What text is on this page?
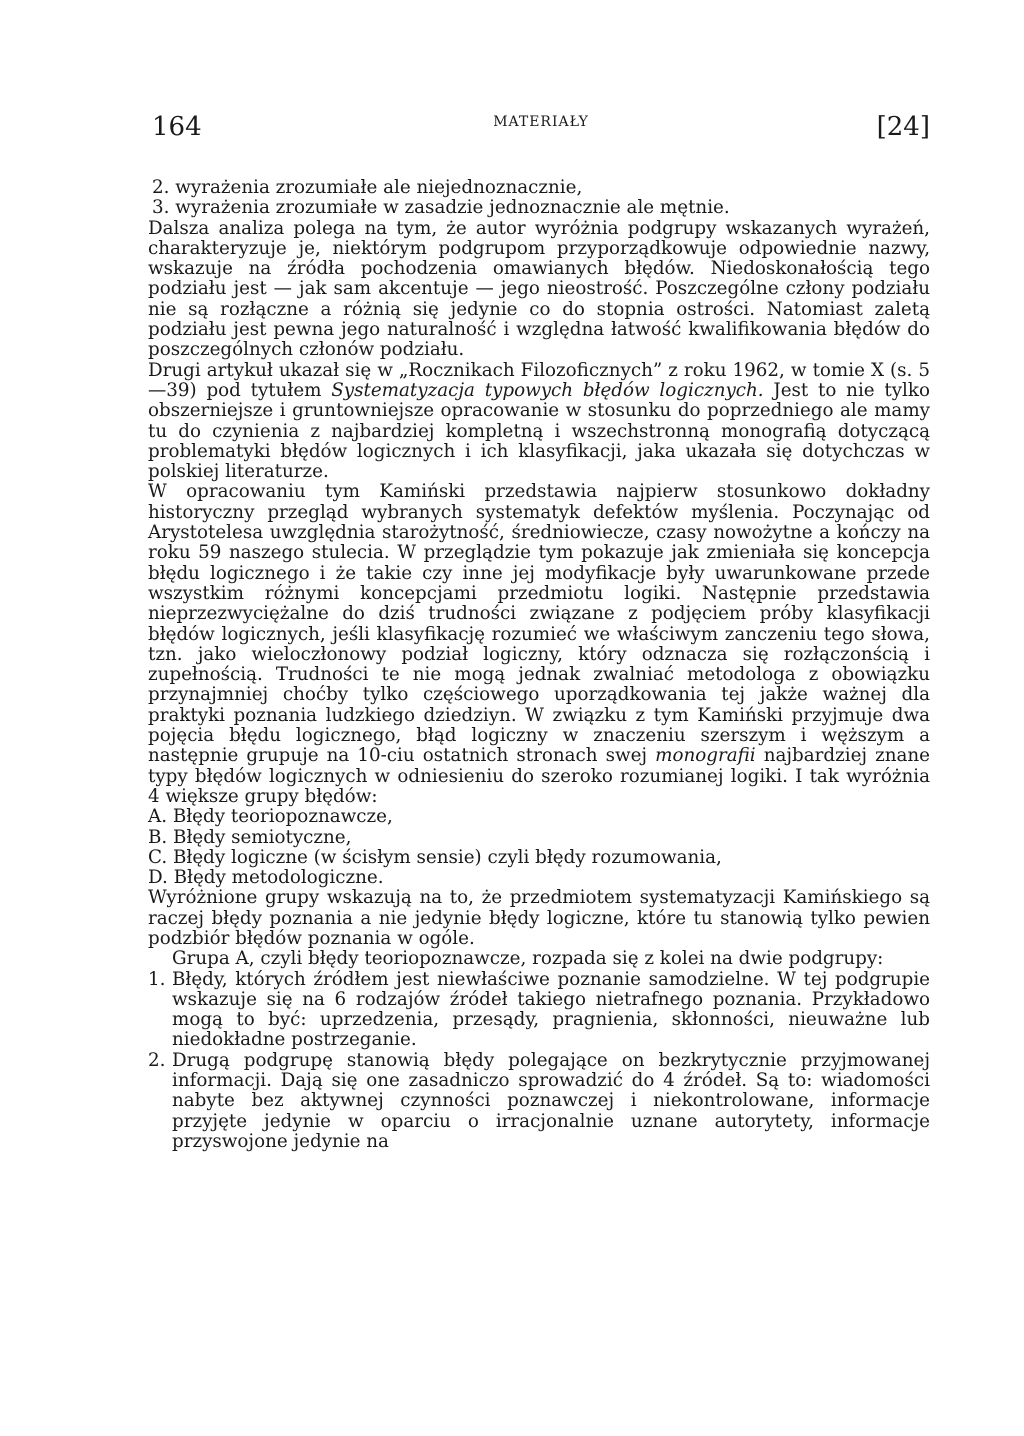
164	MATERIAŁY	[24]

2. wyrażenia zrozumiałe ale niejednoznacznie,

3. wyrażenia zrozumiałe w zasadzie jednoznacznie ale mętnie.

Dalsza analiza polega na tym, że autor wyróżnia podgrupy wskazanych wyrażeń, charakteryzuje je, niektórym podgrupom przyporządkowuje odpowiednie nazwy, wskazuje na źródła pochodzenia omawianych błędów. Niedoskonałością tego podziału jest — jak sam akcentuje — jego nieostrość. Poszczególne człony podziału nie są rozłączne a różnią się jedynie co do stopnia ostrości. Natomiast zaletą podziału jest pewna jego naturalność i względna łatwość kwalifikowania błędów do poszczególnych członów podziału.

Drugi artykuł ukazał się w „Rocznikach Filozoficznych” z roku 1962, w tomie X (s. 5—39) pod tytułem Systematyzacja typowych błędów logicznych. Jest to nie tylko obszerniejsze i gruntowniejsze opracowanie w stosunku do poprzedniego ale mamy tu do czynienia z najbardziej kompletną i wszechstronną monografią dotyczącą problematyki błędów logicznych i ich klasyfikacji, jaka ukazała się dotychczas w polskiej literaturze.

W opracowaniu tym Kamiński przedstawia najpierw stosunkowo dokładny historyczny przegląd wybranych systematyk defektów myślenia. Poczynając od Arystotelesa uwzględnia starożytność, średniowiecze, czasy nowożytne a kończy na roku 59 naszego stulecia. W przeglądzie tym pokazuje jak zmieniała się koncepcja błędu logicznego i że takie czy inne jej modyfikacje były uwarunkowane przede wszystkim różnymi koncepcjami przedmiotu logiki. Następnie przedstawia nieprzezwyciężalne do dziś trudności związane z podjęciem próby klasyfikacji błędów logicznych, jeśli klasyfikację rozumieć we właściwym zanczeniu tego słowa, tzn. jako wieloczłonowy podział logiczny, który odznacza się rozłączonścią i zupełnością. Trudności te nie mogą jednak zwalniać metodologa z obowiązku przynajmniej choćby tylko częściowego uporządkowania tej jakże ważnej dla praktyki poznania ludzkiego dziedziyn. W związku z tym Kamiński przyjmuje dwa pojęcia błędu logicznego, błąd logiczny w znaczeniu szerszym i węższym a następnie grupuje na 10-ciu ostatnich stronach swej monografii najbardziej znane typy błędów logicznych w odniesieniu do szeroko rozumianej logiki. I tak wyróżnia 4 większe grupy błędów:

A. Błędy teoriopoznawcze,

B. Błędy semiotyczne,

C. Błędy logiczne (w ścisłym sensie) czyli błędy rozumowania,

D. Błędy metodologiczne.

Wyróżnione grupy wskazują na to, że przedmiotem systematyzacji Kamińskiego są raczej błędy poznania a nie jedynie błędy logiczne, które tu stanowią tylko pewien podzbiór błędów poznania w ogóle.

Grupa A, czyli błędy teoriopoznawcze, rozpada się z kolei na dwie podgrupy:

1. Błędy, których źródłem jest niewłaściwe poznanie samodzielne. W tej podgrupie wskazuje się na 6 rodzajów źródeł takiego nietrafnego poznania. Przykładowo mogą to być: uprzedzenia, przesądy, pragnienia, skłonności, nieuważne lub niedokładne postrzeganie.
2. Drugą podgrupę stanowią błędy polegające on bezkrytycznie przyjmowanej informacji. Dają się one zasadniczo sprowadzić do 4 źródeł. Są to: wiadomości nabyte bez aktywnej czynności poznawczej i niekontrolowane, informacje przyjęte jedynie w oparciu o irracjonalnie uznane autorytety, informacje przyswojone jedynie na
